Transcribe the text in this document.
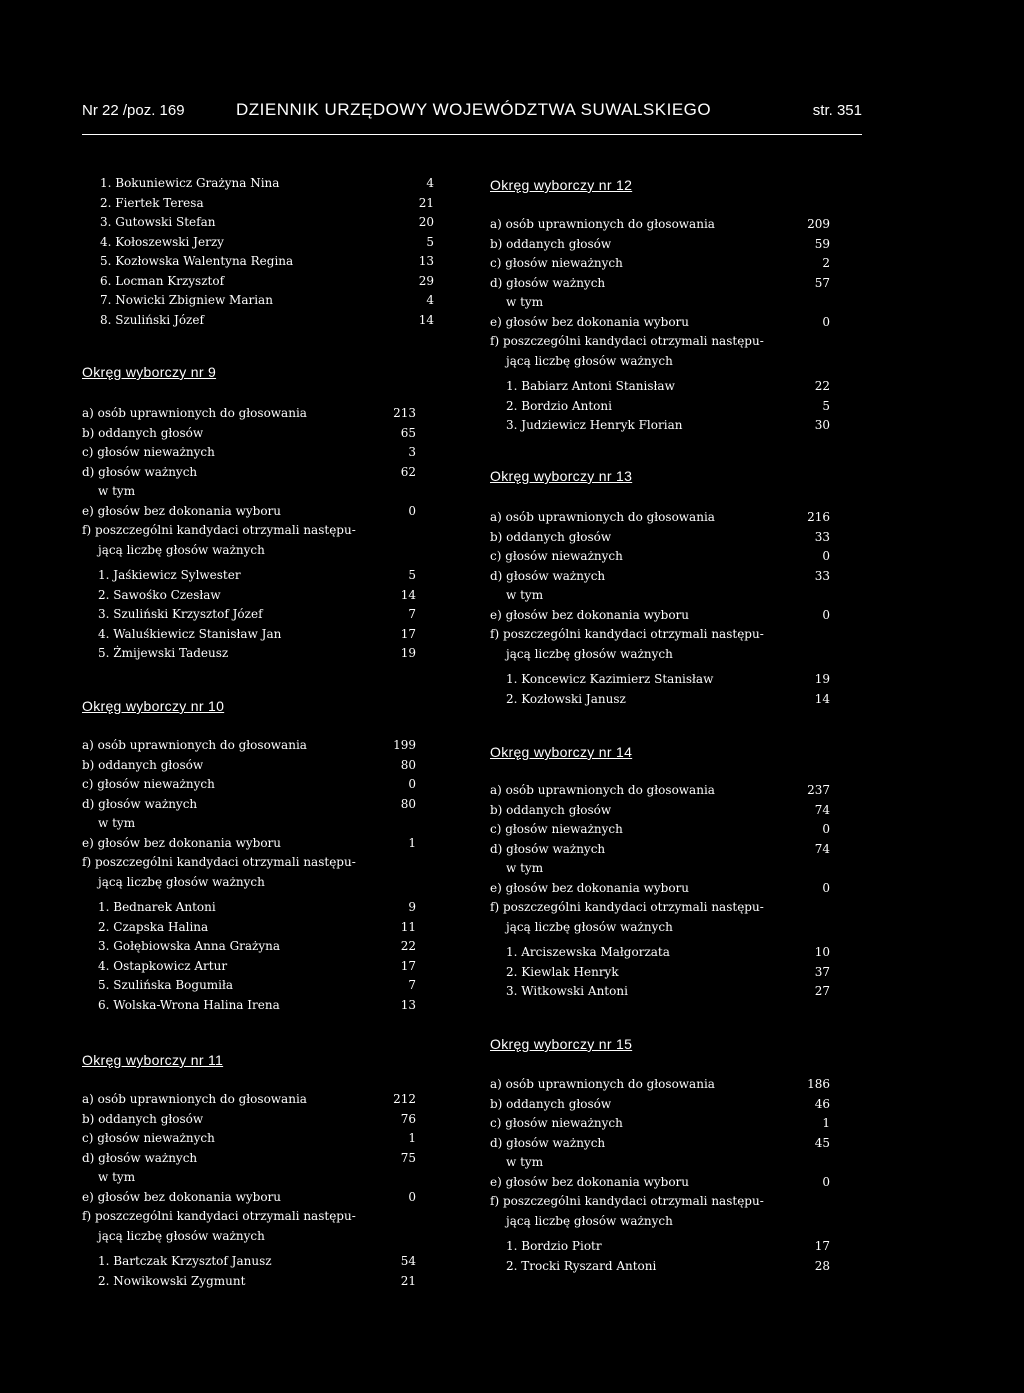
Nr 22 /poz. 169	DZIENNIK URZĘDOWY WOJEWÓDZTWA SUWALSKIEGO	str. 351
1. Bokuniewicz Grażyna Nina	4
2. Fiertek Teresa	21
3. Gutowski Stefan	20
4. Kołoszewski Jerzy	5
5. Kozłowska Walentyna Regina	13
6. Locman Krzysztof	29
7. Nowicki Zbigniew Marian	4
8. Szuliński Józef	14
Okręg wyborczy nr 9
a) osób uprawnionych do głosowania	213
b) oddanych głosów	65
c) głosów nieważnych	3
d) głosów ważnych	62
w tym
e) głosów bez dokonania wyboru	0
f) poszczególni kandydaci otrzymali następu-
jącą liczbę głosów ważnych
1. Jaśkiewicz Sylwester	5
2. Sawośko Czesław	14
3. Szuliński Krzysztof Józef	7
4. Waluśkiewicz Stanisław Jan	17
5. Żmijewski Tadeusz	19
Okręg wyborczy nr 10
a) osób uprawnionych do głosowania	199
b) oddanych głosów	80
c) głosów nieważnych	0
d) głosów ważnych	80
w tym
e) głosów bez dokonania wyboru	1
f) poszczególni kandydaci otrzymali następu-
jącą liczbę głosów ważnych
1. Bednarek Antoni	9
2. Czapska Halina	11
3. Gołębiowska Anna Grażyna	22
4. Ostapkowicz Artur	17
5. Szulińska Bogumiła	7
6. Wolska-Wrona Halina Irena	13
Okręg wyborczy nr 11
a) osób uprawnionych do głosowania	212
b) oddanych głosów	76
c) głosów nieważnych	1
d) głosów ważnych	75
w tym
e) głosów bez dokonania wyboru	0
f) poszczególni kandydaci otrzymali następu-
jącą liczbę głosów ważnych
1. Bartczak Krzysztof Janusz	54
2. Nowikowski Zygmunt	21
Okręg wyborczy nr 12
a) osób uprawnionych do głosowania	209
b) oddanych głosów	59
c) głosów nieważnych	2
d) głosów ważnych	57
w tym
e) głosów bez dokonania wyboru	0
f) poszczególni kandydaci otrzymali następu-
jącą liczbę głosów ważnych
1. Babiarz Antoni Stanisław	22
2. Bordzio Antoni	5
3. Judziewicz Henryk Florian	30
Okręg wyborczy nr 13
a) osób uprawnionych do głosowania	216
b) oddanych głosów	33
c) głosów nieważnych	0
d) głosów ważnych	33
w tym
e) głosów bez dokonania wyboru	0
f) poszczególni kandydaci otrzymali następu-
jącą liczbę głosów ważnych
1. Koncewicz Kazimierz Stanisław	19
2. Kozłowski Janusz	14
Okręg wyborczy nr 14
a) osób uprawnionych do głosowania	237
b) oddanych głosów	74
c) głosów nieważnych	0
d) głosów ważnych	74
w tym
e) głosów bez dokonania wyboru	0
f) poszczególni kandydaci otrzymali następu-
jącą liczbę głosów ważnych
1. Arciszewska Małgorzata	10
2. Kiewlak Henryk	37
3. Witkowski Antoni	27
Okręg wyborczy nr 15
a) osób uprawnionych do głosowania	186
b) oddanych głosów	46
c) głosów nieważnych	1
d) głosów ważnych	45
w tym
e) głosów bez dokonania wyboru	0
f) poszczególni kandydaci otrzymali następu-
jącą liczbę głosów ważnych
1. Bordzio Piotr	17
2. Trocki Ryszard Antoni	28
